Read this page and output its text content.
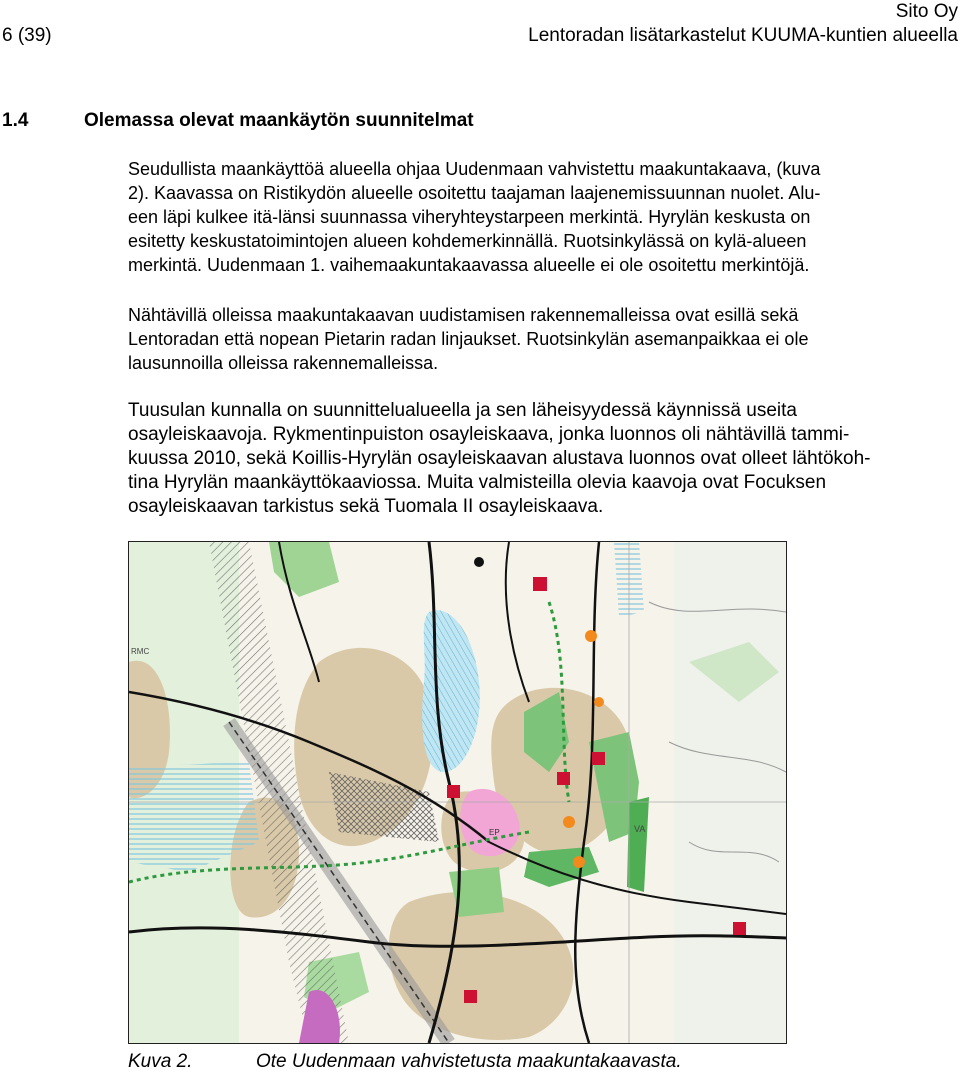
Sito Oy
6 (39)	Lentoradan lisätarkastelut KUUMA-kuntien alueella
1.4	Olemassa olevat maankäytön suunnitelmat
Seudullista maankäyttöä alueella ohjaa Uudenmaan vahvistettu maakuntakaava, (kuva
2). Kaavassa on Ristikydön alueelle osoitettu taajaman laajenemissuunnan nuolet. Alu-
een läpi kulkee itä-länsi suunnassa viheryhteystarpeen merkintä. Hyrylän keskusta on
esitetty keskustatoimintojen alueen kohdemerkinnällä. Ruotsinkylässä on kylä-alueen
merkintä. Uudenmaan 1. vaihemaakuntakaavassa alueelle ei ole osoitettu merkintöjä.
Nähtävillä olleissa maakuntakaavan uudistamisen rakennemalleissa ovat esillä sekä
Lentoradan että nopean Pietarin radan linjaukset. Ruotsinkylän asemanpaikkaa ei ole
lausunnoilla olleissa rakennemalleissa.
Tuusulan kunnalla on suunnittelualueella ja sen läheisyydessä käynnissä useita
osayleiskaavoja. Rykmentinpuiston osayleiskaava, jonka luonnos oli nähtävillä tammi-
kuussa 2010, sekä Koillis-Hyrylän osayleiskaavan alustava luonnos ovat olleet lähtökoh-
tina Hyrylän maankäyttökaaviossa. Muita valmisteilla olevia kaavoja ovat Focuksen
osayleiskaavan tarkistus sekä Tuomala II osayleiskaava.
EP	VA
RMC
Kuva 2.	Ote Uudenmaan vahvistetusta maakuntakaavasta.
